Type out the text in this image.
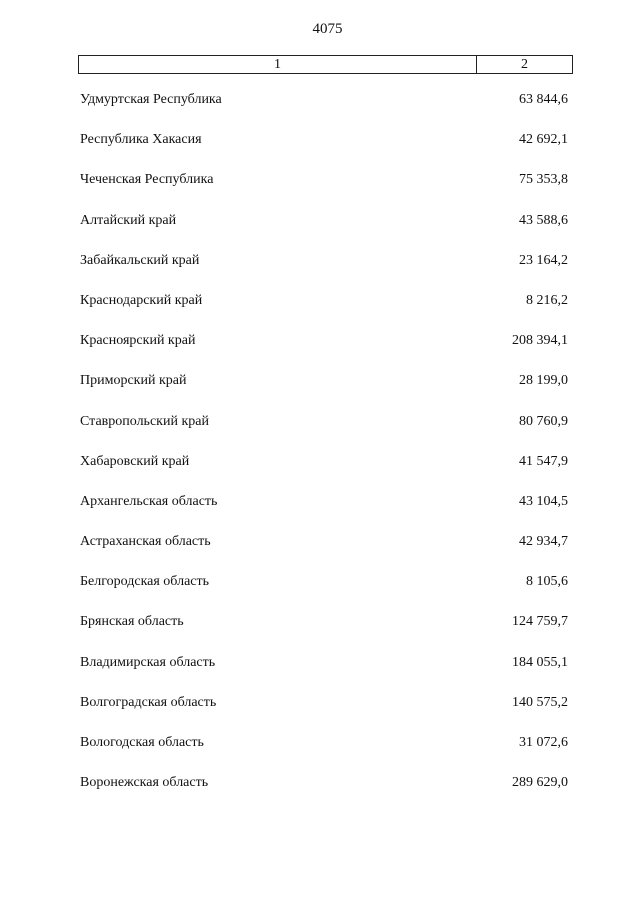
4075
1	2
Удмуртская Республика	63 844,6
Республика Хакасия	42 692,1
Чеченская Республика	75 353,8
Алтайский край	43 588,6
Забайкальский край	23 164,2
Краснодарский край	8 216,2
Красноярский край	208 394,1
Приморский край	28 199,0
Ставропольский край	80 760,9
Хабаровский край	41 547,9
Архангельская область	43 104,5
Астраханская область	42 934,7
Белгородская область	8 105,6
Брянская область	124 759,7
Владимирская область	184 055,1
Волгоградская область	140 575,2
Вологодская область	31 072,6
Воронежская область	289 629,0
